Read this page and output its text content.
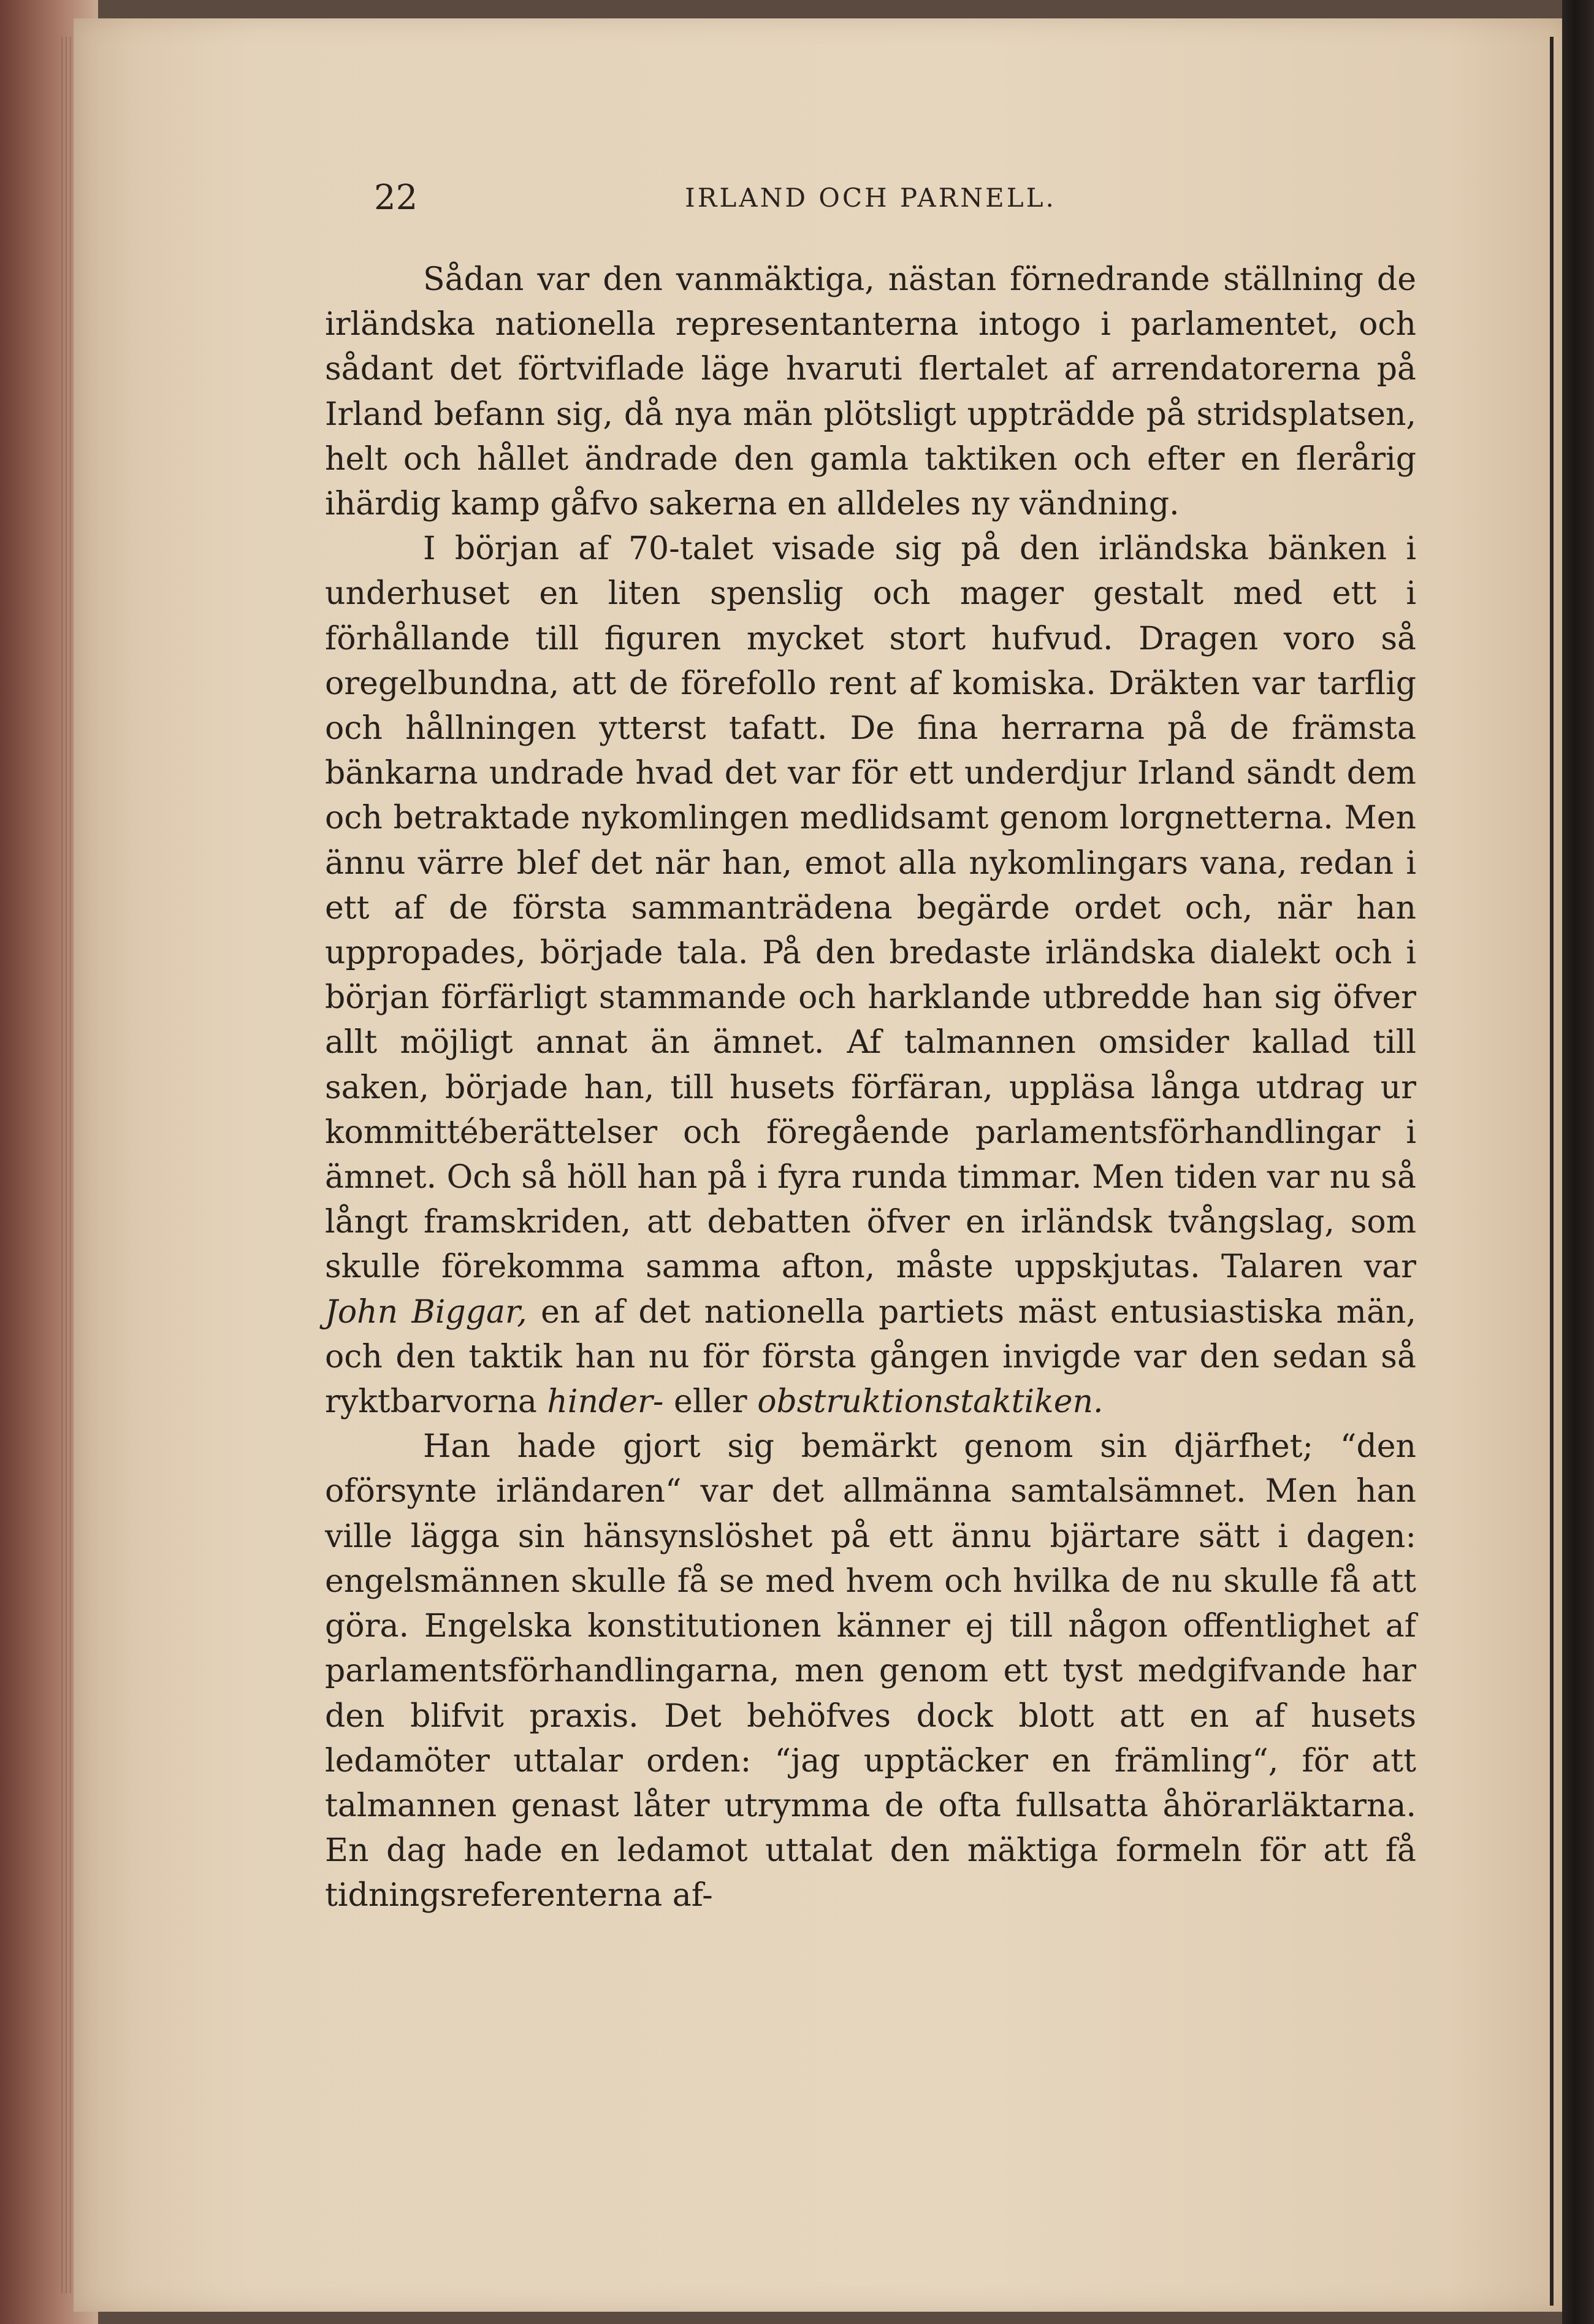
22	IRLAND OCH PARNELL.

Sådan var den vanmäktiga, nästan förnedrande ställning de irländska nationella representanterna intogo i parlamentet, och sådant det förtviflade läge hvaruti flertalet af arrendatorerna på Irland befann sig, då nya män plötsligt uppträdde på stridsplatsen, helt och hållet ändrade den gamla taktiken och efter en flerårig ihärdig kamp gåfvo sakerna en alldeles ny vändning.

I början af 70-talet visade sig på den irländska bänken i underhuset en liten spenslig och mager gestalt med ett i förhållande till figuren mycket stort hufvud. Dragen voro så oregelbundna, att de förefollo rent af komiska. Dräkten var tarflig och hållningen ytterst tafatt. De fina herrarna på de främsta bänkarna undrade hvad det var för ett underdjur Irland sändt dem och betraktade nykomlingen medlidsamt genom lorgnetterna. Men ännu värre blef det när han, emot alla nykomlingars vana, redan i ett af de första sammanträdena begärde ordet och, när han uppropades, började tala. På den bredaste irländska dialekt och i början förfärligt stammande och harklande utbredde han sig öfver allt möjligt annat än ämnet. Af talmannen omsider kallad till saken, började han, till husets förfäran, uppläsa långa utdrag ur kommittéberättelser och föregående parlamentsförhandlingar i ämnet. Och så höll han på i fyra runda timmar. Men tiden var nu så långt framskriden, att debatten öfver en irländsk tvångslag, som skulle förekomma samma afton, måste uppskjutas. Talaren var John Biggar, en af det nationella partiets mäst entusiastiska män, och den taktik han nu för första gången invigde var den sedan så ryktbarvorna hinder- eller obstruktionstaktiken.

Han hade gjort sig bemärkt genom sin djärfhet; “den oförsynte irländaren“ var det allmänna samtalsämnet. Men han ville lägga sin hänsynslöshet på ett ännu bjärtare sätt i dagen: engelsmännen skulle få se med hvem och hvilka de nu skulle få att göra. Engelska konstitutionen känner ej till någon offentlighet af parlamentsförhandlingarna, men genom ett tyst medgifvande har den blifvit praxis. Det behöfves dock blott att en af husets ledamöter uttalar orden: “jag upptäcker en främling“, för att talmannen genast låter utrymma de ofta fullsatta åhörarläktarna. En dag hade en ledamot uttalat den mäktiga formeln för att få tidningsreferenterna af-
